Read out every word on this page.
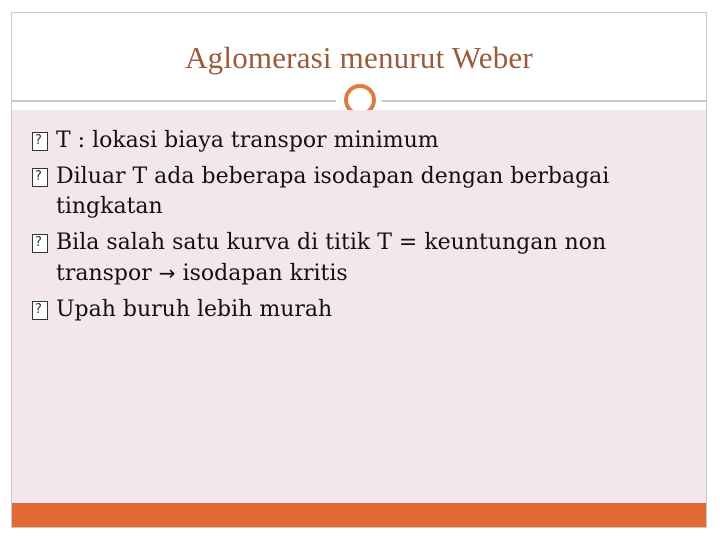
Aglomerasi menurut Weber
?
T : lokasi biaya transpor minimum
?
Diluar T ada beberapa isodapan dengan berbagai tingkatan
?
Bila salah satu kurva di titik T = keuntungan non transpor → isodapan kritis
?
Upah buruh lebih murah
